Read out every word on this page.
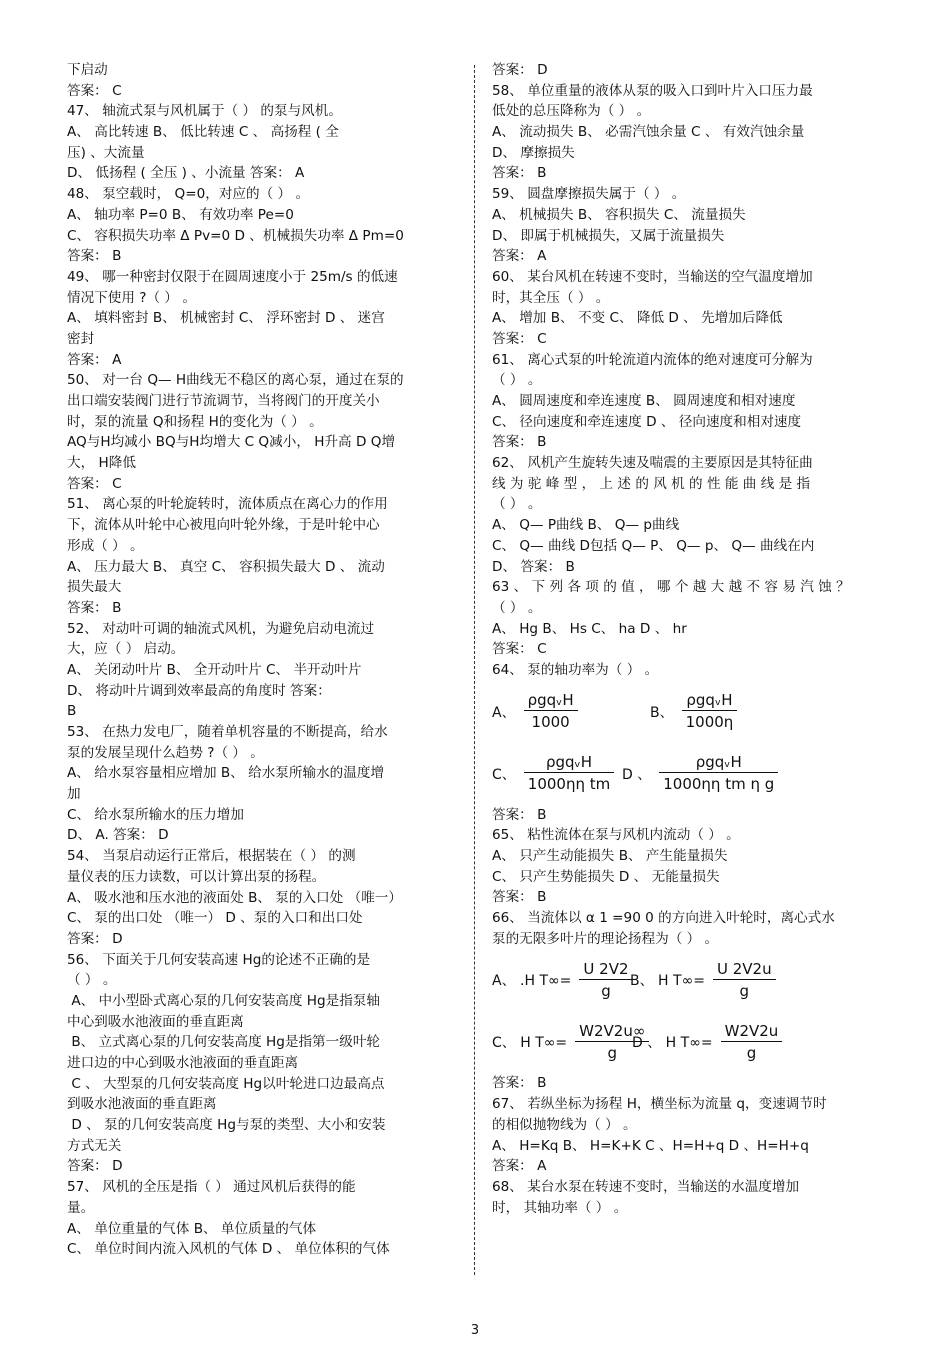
下启动
答案： C
47、 轴流式泵与风机属于（ ） 的泵与风机。
A、 高比转速 B、 低比转速 C 、 高扬程 ( 全
压) 、大流量
D、 低扬程 ( 全压 ) 、小流量 答案： A
48、 泵空载时， Q=0，对应的（ ） 。
A、 轴功率 P=0 B、 有效功率 Pe=0
C、 容积损失功率 Δ Pv=0 D 、机械损失功率 Δ Pm=0
答案： B
49、 哪一种密封仅限于在圆周速度小于 25m/s 的低速
情况下使用 ?（ ） 。
A、 填料密封 B、 机械密封 C、 浮环密封 D 、 迷宫
密封
答案： A
50、 对一台 Q— H曲线无不稳区的离心泵，通过在泵的
出口端安装阀门进行节流调节，当将阀门的开度关小
时，泵的流量 Q和扬程 H的变化为（ ） 。
AQ与H均减小 BQ与H均增大 C Q减小， H升高 D Q增
大， H降低
答案： C
51、 离心泵的叶轮旋转时，流体质点在离心力的作用
下，流体从叶轮中心被甩向叶轮外缘，于是叶轮中心
形成（ ） 。
A、 压力最大 B、 真空 C、 容积损失最大 D 、 流动
损失最大
答案： B
52、 对动叶可调的轴流式风机，为避免启动电流过
大，应（ ） 启动。
A、 关闭动叶片 B、 全开动叶片 C、 半开动叶片
D、 将动叶片调到效率最高的角度时 答案：
B
53、 在热力发电厂，随着单机容量的不断提高，给水
泵的发展呈现什么趋势 ?（ ） 。
A、 给水泵容量相应增加 B、 给水泵所输水的温度增
加
C、 给水泵所输水的压力增加
D、 A. 答案： D
54、 当泵启动运行正常后，根据装在（ ） 的测
量仪表的压力读数，可以计算出泵的扬程。
A、 吸水池和压水池的液面处 B、 泵的入口处 （唯一）
C、 泵的出口处 （唯一） D 、泵的入口和出口处
答案： D
56、 下面关于几何安装高速 Hg的论述不正确的是
（ ） 。
A、 中小型卧式离心泵的几何安装高度 Hg是指泵轴
中心到吸水池液面的垂直距离
B、 立式离心泵的几何安装高度 Hg是指第一级叶轮
进口边的中心到吸水池液面的垂直距离
C 、 大型泵的几何安装高度 Hg以叶轮进口边最高点
到吸水池液面的垂直距离
D 、 泵的几何安装高度 Hg与泵的类型、大小和安装
方式无关
答案： D
57、 风机的全压是指（ ） 通过风机后获得的能
量。
A、 单位重量的气体 B、 单位质量的气体
C、 单位时间内流入风机的气体 D 、 单位体积的气体
答案： D
58、 单位重量的液体从泵的吸入口到叶片入口压力最
低处的总压降称为（ ） 。
A、 流动损失 B、 必需汽蚀余量 C 、 有效汽蚀余量
D、 摩擦损失
答案： B
59、 圆盘摩擦损失属于（ ） 。
A、 机械损失 B、 容积损失 C、 流量损失
D、 即属于机械损失，又属于流量损失
答案： A
60、 某台风机在转速不变时，当输送的空气温度增加
时，其全压（ ） 。
A、 增加 B、 不变 C、 降低 D 、 先增加后降低
答案： C
61、 离心式泵的叶轮流道内流体的绝对速度可分解为
（ ） 。
A、 圆周速度和牵连速度 B、 圆周速度和相对速度
C、 径向速度和牵连速度 D 、 径向速度和相对速度
答案： B
62、 风机产生旋转失速及喘震的主要原因是其特征曲
线 为 驼 峰 型 ， 上 述 的 风 机 的 性 能 曲 线 是 指
（ ） 。
A、 Q— P曲线 B、 Q— p曲线
C、 Q— 曲线 D包括 Q— P、 Q— p、 Q— 曲线在内
D、 答案： B
63 、 下 列 各 项 的 值 ， 哪 个 越 大 越 不 容 易 汽 蚀 ？
（ ） 。
A、 Hg B、 Hs C、 ha D 、 hr
答案： C
64、 泵的轴功率为（ ） 。
A、 $\frac{\text{ρgqᵥH}}{1000}$	B、 $\frac{\text{ρgqᵥH}}{1000\eta}$
C、 $\frac{\text{ρgqᵥH}}{\text{1000ηη tm}}$ D 、 $\frac{\text{ρgqᵥH}}{\text{1000ηη tm η g}}$
答案： B
65、 粘性流体在泵与风机内流动（ ） 。
A、 只产生动能损失 B、 产生能量损失
C、 只产生势能损失 D 、 无能量损失
答案： B
66、 当流体以 α 1 =90 0 的方向进入叶轮时，离心式水
泵的无限多叶片的理论扬程为（ ） 。
A、 .H $T\infty= \frac{U 2V2}{g}$
B、 H $T\infty= \frac{U 2V2u}{g}$
C、 H $T\infty= \frac{W2V2u\infty}{g}$
D 、 H $T\infty= \frac{W2V2u}{g}$
答案： B
67、 若纵坐标为扬程 H，横坐标为流量 q，变速调节时
的相似抛物线为（ ） 。
A、 H=Kq B、 H=K+K C 、H=H+q D 、H=H+q
答案： A
68、 某台水泵在转速不变时，当输送的水温度增加
时， 其轴功率（ ） 。
3
